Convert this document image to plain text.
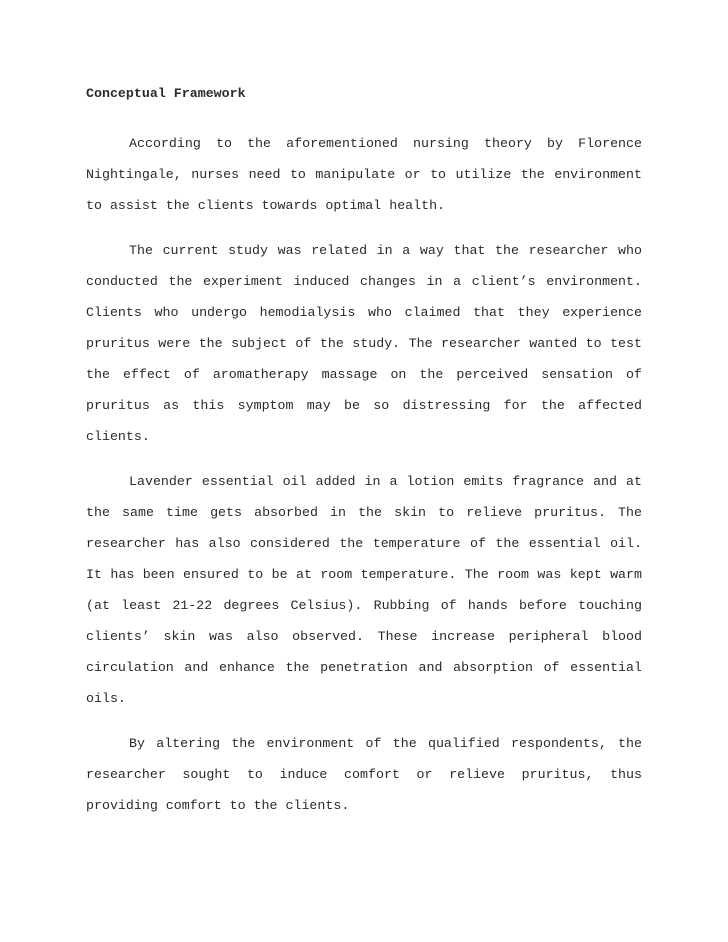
Conceptual Framework

According to the aforementioned nursing theory by Florence Nightingale, nurses need to manipulate or to utilize the environment to assist the clients towards optimal health.

The current study was related in a way that the researcher who conducted the experiment induced changes in a client’s environment. Clients who undergo hemodialysis who claimed that they experience pruritus were the subject of the study. The researcher wanted to test the effect of aromatherapy massage on the perceived sensation of pruritus as this symptom may be so distressing for the affected clients.

Lavender essential oil added in a lotion emits fragrance and at the same time gets absorbed in the skin to relieve pruritus. The researcher has also considered the temperature of the essential oil. It has been ensured to be at room temperature. The room was kept warm (at least 21-22 degrees Celsius). Rubbing of hands before touching clients’ skin was also observed. These increase peripheral blood circulation and enhance the penetration and absorption of essential oils.

By altering the environment of the qualified respondents, the researcher sought to induce comfort or relieve pruritus, thus providing comfort to the clients.
